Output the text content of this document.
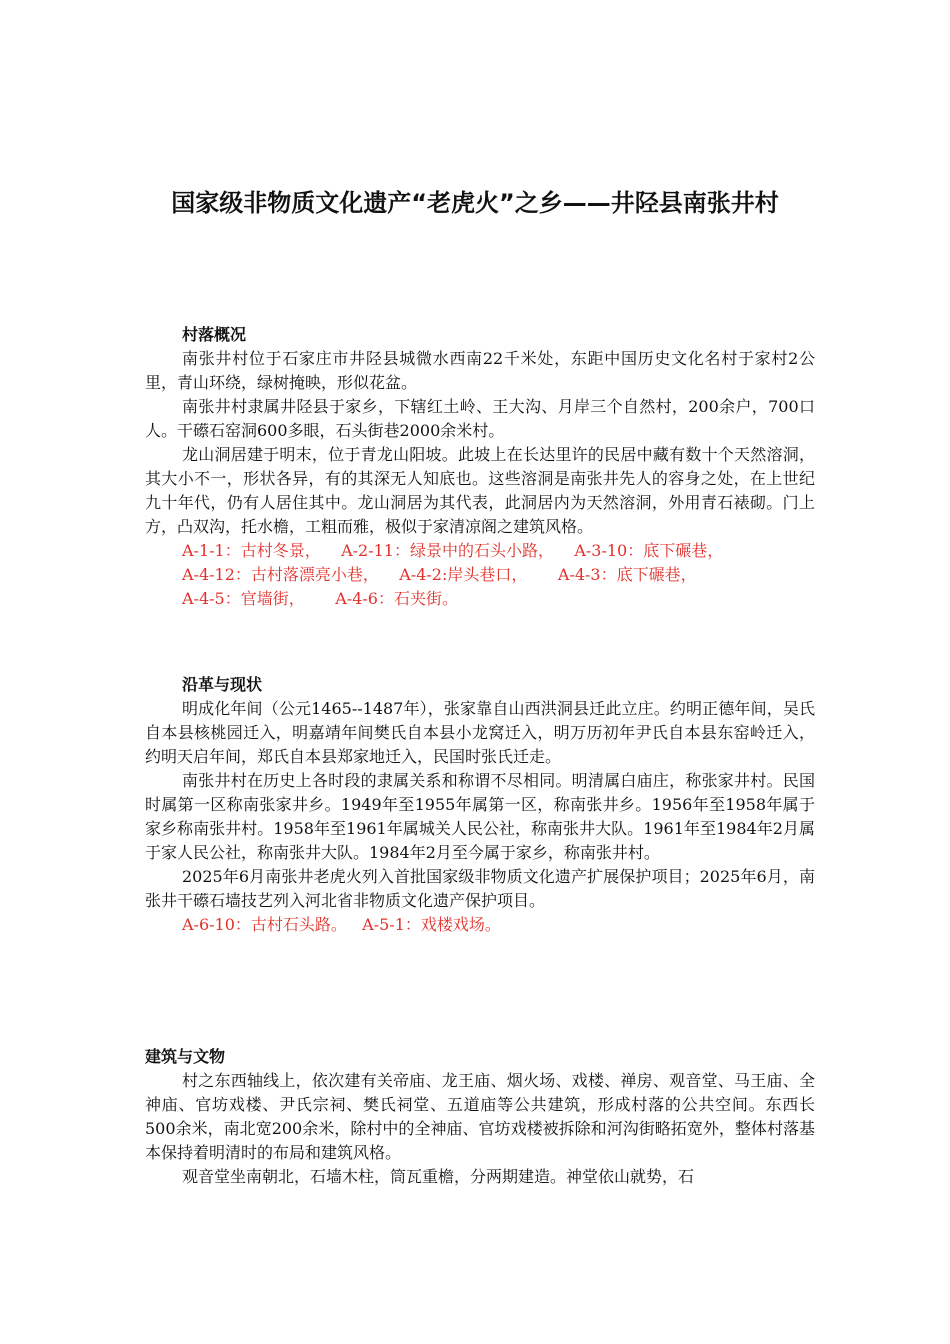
国家级非物质文化遗产“老虎火”之乡——井陉县南张井村
村落概况

南张井村位于石家庄市井陉县城微水西南22千米处，东距中国历史文化名村于家村2公里，青山环绕，绿树掩映，形似花盆。

南张井村隶属井陉县于家乡，下辖红土岭、王大沟、月岸三个自然村，200余户，700口人。干礤石窑洞600多眼，石头街巷2000余米村。

龙山洞居建于明末，位于青龙山阳坡。此坡上在长达里许的民居中藏有数十个天然溶洞，其大小不一，形状各异，有的其深无人知底也。这些溶洞是南张井先人的容身之处，在上世纪九十年代，仍有人居住其中。龙山洞居为其代表，此洞居内为天然溶洞，外用青石裱砌。门上方，凸双沟，托水檐，工粗而雅，极似于家清凉阁之建筑风格。

A-1-1：古村冬景，    A-2-11：绿景中的石头小路，    A-3-10：底下碾巷，
A-4-12：古村落漂亮小巷，    A-4-2:岸头巷口，      A-4-3：底下碾巷，
A-4-5：官墙街，      A-4-6：石夹街。
沿革与现状

明成化年间（公元1465--1487年），张家靠自山西洪洞县迁此立庄。约明正德年间，吴氏自本县核桃园迁入，明嘉靖年间樊氏自本县小龙窝迁入，明万历初年尹氏自本县东窑岭迁入，约明天启年间，郑氏自本县郑家地迁入，民国时张氏迁走。

南张井村在历史上各时段的隶属关系和称谓不尽相同。明清属白庙庄，称张家井村。民国时属第一区称南张家井乡。1949年至1955年属第一区，称南张井乡。1956年至1958年属于家乡称南张井村。1958年至1961年属城关人民公社，称南张井大队。1961年至1984年2月属于家人民公社，称南张井大队。1984年2月至今属于家乡，称南张井村。

2025年6月南张井老虎火列入首批国家级非物质文化遗产扩展保护项目；2025年6月，南张井干礤石墙技艺列入河北省非物质文化遗产保护项目。

A-6-10：古村石头路。   A-5-1：戏楼戏场。
建筑与文物

村之东西轴线上，依次建有关帝庙、龙王庙、烟火场、戏楼、禅房、观音堂、马王庙、全神庙、官坊戏楼、尹氏宗祠、樊氏祠堂、五道庙等公共建筑，形成村落的公共空间。东西长500余米，南北宽200余米，除村中的全神庙、官坊戏楼被拆除和河沟街略拓宽外，整体村落基本保持着明清时的布局和建筑风格。

观音堂坐南朝北，石墙木柱，筒瓦重檐，分两期建造。神堂依山就势，石
